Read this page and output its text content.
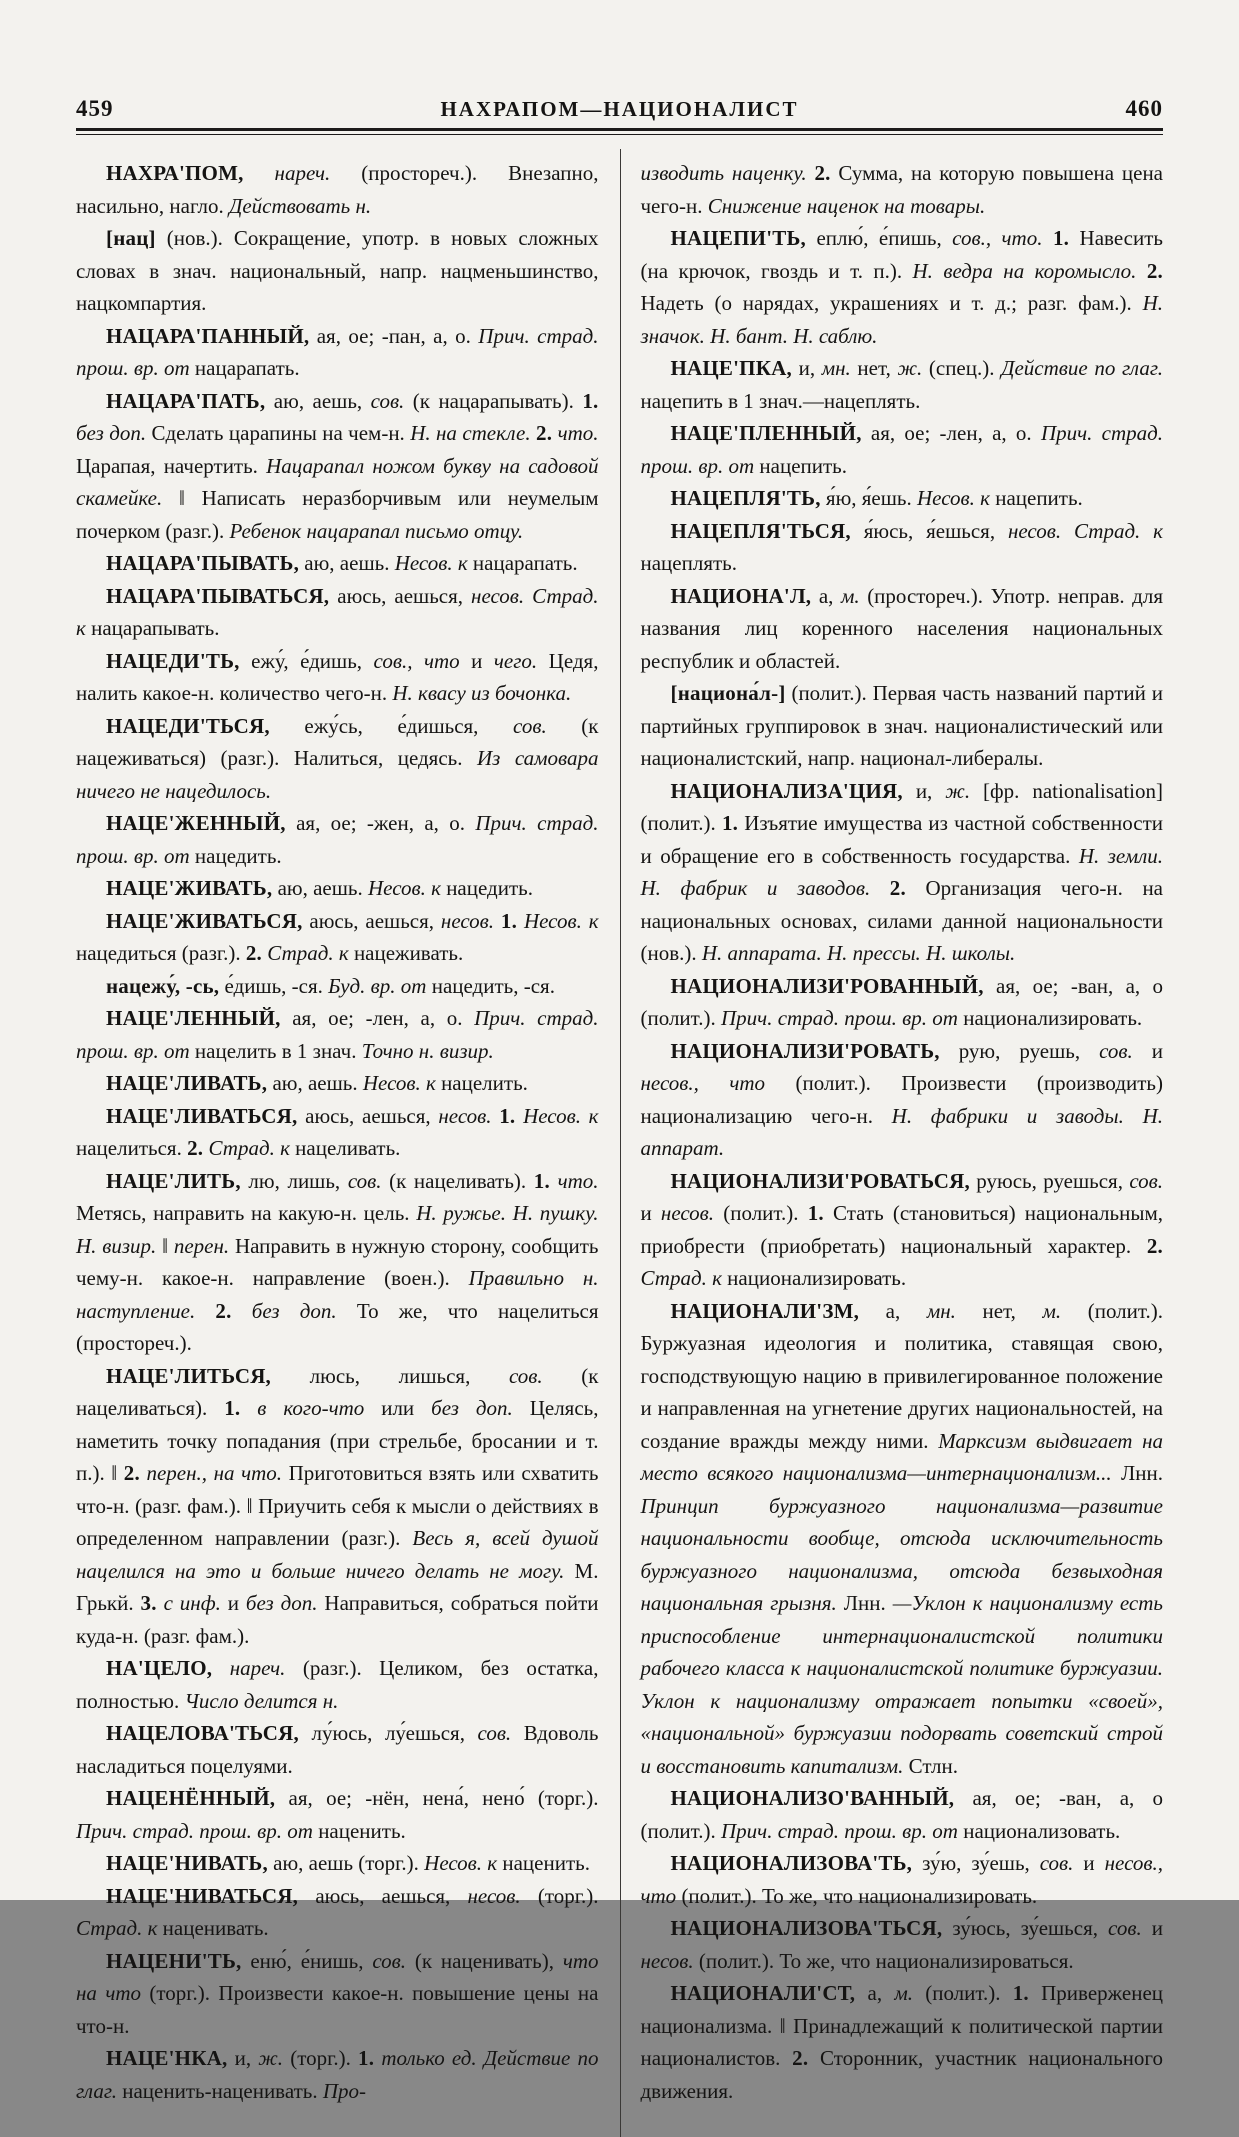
459	НАХРАПОМ—НАЦИОНАЛИСТ	460

НАХРА'ПОМ, нареч. (простореч.). Внезапно, насильно, нагло. Действовать н.

[нац] (нов.). Сокращение, употр. в новых сложных словах в знач. национальный, напр. нацменьшинство, нацкомпартия.

НАЦАРА'ПАННЫЙ, ая, ое; -пан, а, о. Прич. страд. прош. вр. от нацарапать.

НАЦАРА'ПАТЬ, аю, аешь, сов. (к нацарапывать). 1. без доп. Сделать царапины на чем-н. Н. на стекле. 2. что. Царапая, начертить. Нацарапал ножом букву на садовой скамейке. ‖ Написать неразборчивым или неумелым почерком (разг.). Ребенок нацарапал письмо отцу.

НАЦАРА'ПЫВАТЬ, аю, аешь. Несов. к нацарапать.

НАЦАРА'ПЫВАТЬСЯ, аюсь, аешься, несов. Страд. к нацарапывать.

НАЦЕДИ'ТЬ, ежу́, е́дишь, сов., что и чего. Цедя, налить какое-н. количество чего-н. Н. квасу из бочонка.

НАЦЕДИ'ТЬСЯ, ежу́сь, е́дишься, сов. (к нацеживаться) (разг.). Налиться, цедясь. Из самовара ничего не нацедилось.

НАЦЕ'ЖЕННЫЙ, ая, ое; -жен, а, о. Прич. страд. прош. вр. от нацедить.

НАЦЕ'ЖИВАТЬ, аю, аешь. Несов. к нацедить.

НАЦЕ'ЖИВАТЬСЯ, аюсь, аешься, несов. 1. Несов. к нацедиться (разг.). 2. Страд. к нацеживать.

нацежу́, -сь, е́дишь, -ся. Буд. вр. от нацедить, -ся.

НАЦЕ'ЛЕННЫЙ, ая, ое; -лен, а, о. Прич. страд. прош. вр. от нацелить в 1 знач. Точно н. визир.

НАЦЕ'ЛИВАТЬ, аю, аешь. Несов. к нацелить.

НАЦЕ'ЛИВАТЬСЯ, аюсь, аешься, несов. 1. Несов. к нацелиться. 2. Страд. к нацеливать.

НАЦЕ'ЛИТЬ, лю, лишь, сов. (к нацеливать). 1. что. Метясь, направить на какую-н. цель. Н. ружье. Н. пушку. Н. визир. ‖ перен. Направить в нужную сторону, сообщить чему-н. какое-н. направление (воен.). Правильно н. наступление. 2. без доп. То же, что нацелиться (простореч.).

НАЦЕ'ЛИТЬСЯ, люсь, лишься, сов. (к нацеливаться). 1. в кого-что или без доп. Целясь, наметить точку попадания (при стрельбе, бросании и т. п.). ‖ 2. перен., на что. Приготовиться взять или схватить что-н. (разг. фам.). ‖ Приучить себя к мысли о действиях в определенном направлении (разг.). Весь я, всей душой нацелился на это и больше ничего делать не могу. М. Грькй. 3. с инф. и без доп. Направиться, собраться пойти куда-н. (разг. фам.).

НА'ЦЕЛО, нареч. (разг.). Целиком, без остатка, полностью. Число делится н.

НАЦЕЛОВА'ТЬСЯ, лу́юсь, лу́ешься, сов. Вдоволь насладиться поцелуями.

НАЦЕНЁННЫЙ, ая, ое; -нён, нена́, нено́ (торг.). Прич. страд. прош. вр. от наценить.

НАЦЕ'НИВАТЬ, аю, аешь (торг.). Несов. к наценить.

НАЦЕ'НИВАТЬСЯ, аюсь, аешься, несов. (торг.). Страд. к наценивать.

НАЦЕНИ'ТЬ, еню́, е́нишь, сов. (к наценивать), что на что (торг.). Произвести какое-н. повышение цены на что-н.

НАЦЕ'НКА, и, ж. (торг.). 1. только ед. Действие по глаг. наценить-наценивать. Про-

изводить наценку. 2. Сумма, на которую повышена цена чего-н. Снижение наценок на товары.

НАЦЕПИ'ТЬ, еплю́, е́пишь, сов., что. 1. Навесить (на крючок, гвоздь и т. п.). Н. ведра на коромысло. 2. Надеть (о нарядах, украшениях и т. д.; разг. фам.). Н. значок. Н. бант. Н. саблю.

НАЦЕ'ПКА, и, мн. нет, ж. (спец.). Действие по глаг. нацепить в 1 знач.—нацеплять.

НАЦЕ'ПЛЕННЫЙ, ая, ое; -лен, а, о. Прич. страд. прош. вр. от нацепить.

НАЦЕПЛЯ'ТЬ, я́ю, я́ешь. Несов. к нацепить.

НАЦЕПЛЯ'ТЬСЯ, я́юсь, я́ешься, несов. Страд. к нацеплять.

НАЦИОНА'Л, а, м. (простореч.). Употр. неправ. для названия лиц коренного населения национальных республик и областей.

[национа́л-] (полит.). Первая часть названий партий и партийных группировок в знач. националистический или националистский, напр. национал-либералы.

НАЦИОНАЛИЗА'ЦИЯ, и, ж. [фр. nationalisation] (полит.). 1. Изъятие имущества из частной собственности и обращение его в собственность государства. Н. земли. Н. фабрик и заводов. 2. Организация чего-н. на национальных основах, силами данной национальности (нов.). Н. аппарата. Н. прессы. Н. школы.

НАЦИОНАЛИЗИ'РОВАННЫЙ, ая, ое; -ван, а, о (полит.). Прич. страд. прош. вр. от национализировать.

НАЦИОНАЛИЗИ'РОВАТЬ, рую, руешь, сов. и несов., что (полит.). Произвести (производить) национализацию чего-н. Н. фабрики и заводы. Н. аппарат.

НАЦИОНАЛИЗИ'РОВАТЬСЯ, руюсь, руешься, сов. и несов. (полит.). 1. Стать (становиться) национальным, приобрести (приобретать) национальный характер. 2. Страд. к национализировать.

НАЦИОНАЛИ'ЗМ, а, мн. нет, м. (полит.). Буржуазная идеология и политика, ставящая свою, господствующую нацию в привилегированное положение и направленная на угнетение других национальностей, на создание вражды между ними. Марксизм выдвигает на место всякого национализма—интернационализм... Лнн. Принцип буржуазного национализма—развитие национальности вообще, отсюда исключительность буржуазного национализма, отсюда безвыходная национальная грызня. Лнн. —Уклон к национализму есть приспособление интернационалистской политики рабочего класса к националистской политике буржуазии. Уклон к национализму отражает попытки «своей», «национальной» буржуазии подорвать советский строй и восстановить капитализм. Стлн.

НАЦИОНАЛИЗО'ВАННЫЙ, ая, ое; -ван, а, о (полит.). Прич. страд. прош. вр. от национализовать.

НАЦИОНАЛИЗОВА'ТЬ, зу́ю, зу́ешь, сов. и несов., что (полит.). То же, что национализировать.

НАЦИОНАЛИЗОВА'ТЬСЯ, зу́юсь, зу́ешься, сов. и несов. (полит.). То же, что национализироваться.

НАЦИОНАЛИ'СТ, а, м. (полит.). 1. Приверженец национализма. ‖ Принадлежащий к политической партии националистов. 2. Сторонник, участник национального движения.
